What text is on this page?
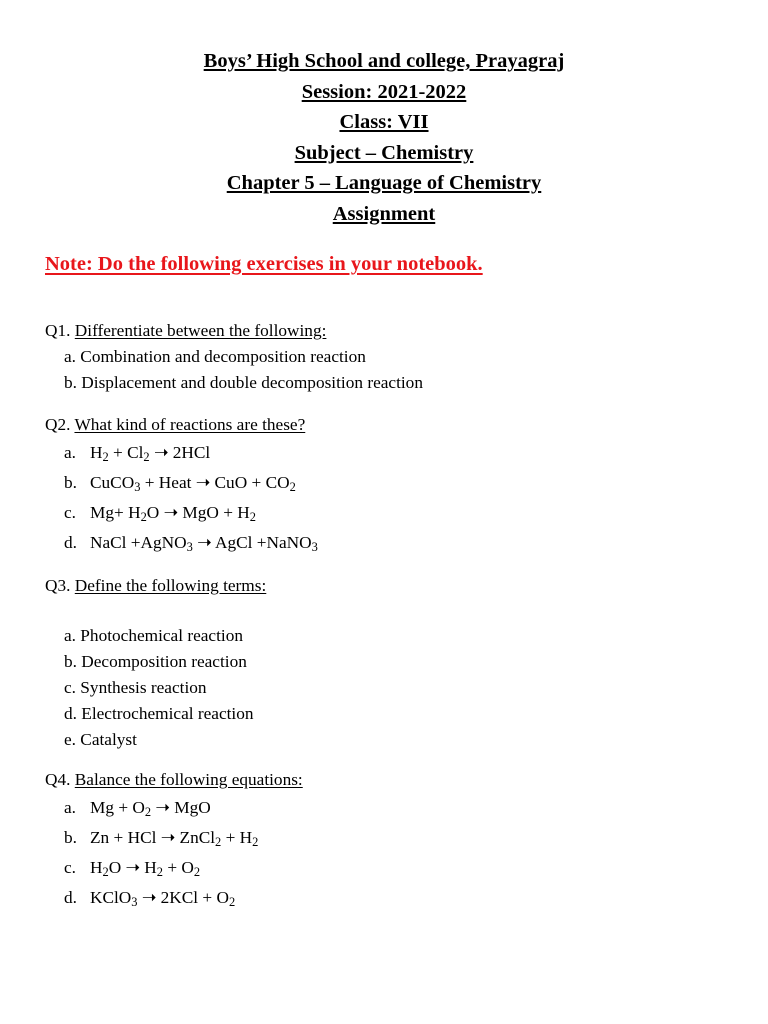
Boys’ High School and college, Prayagraj
Session: 2021-2022
Class: VII
Subject – Chemistry
Chapter 5 – Language of Chemistry
Assignment
Note: Do the following exercises in your notebook.
Q1. Differentiate between the following:
a. Combination and decomposition reaction
b. Displacement and double decomposition reaction
Q2. What kind of reactions are these?
a. $H_2 + Cl_2$ ➝ 2HCl
b. CuCO$_3$ + Heat ➝ CuO + $CO_2$
c. $Mg+ H_2O$ ➝ MgO + $H_2$
d. NaCl +AgNO$_3$ ➝ AgCl +NaNO$_3$
Q3. Define the following terms:
a. Photochemical reaction
b. Decomposition reaction
c. Synthesis reaction
d. Electrochemical reaction
e. Catalyst
Q4. Balance the following equations:
a. $Mg + O_2$ ➝ MgO
b. Zn + HCl ➝ ZnCl$_2$ + $H_2$
c. $H_2O$ ➝ $H_2 + O_2$
d. KClO$_3$ ➝ $2KCl + O_2$
